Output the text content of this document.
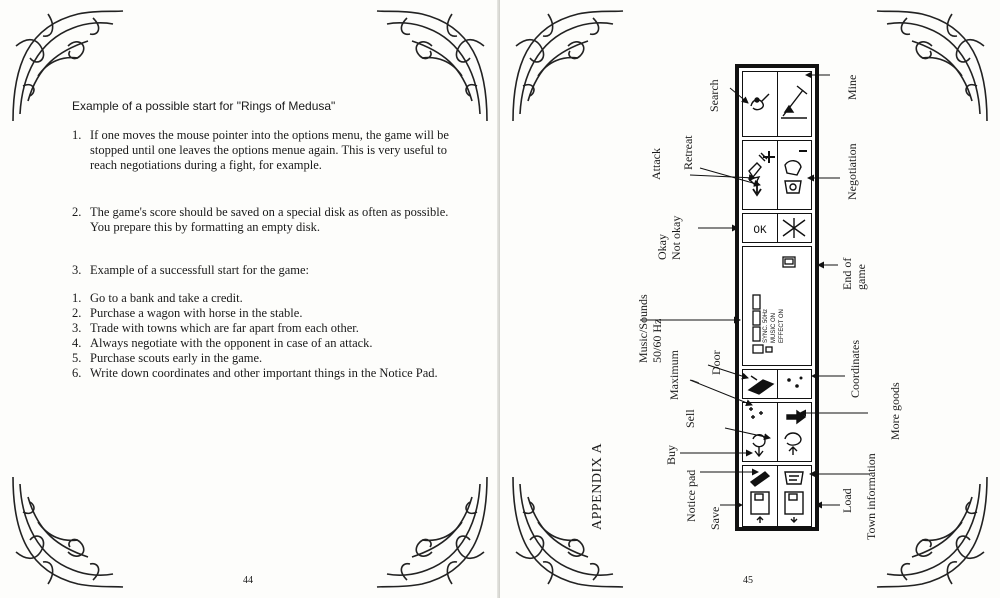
Example of a possible start for "Rings of Medusa"
1. If one moves the mouse pointer into the options menu, the game will be stopped until one leaves the options menue again. This is very useful to reach negotiations during a fight, for example.
2. The game's score should be saved on a special disk as often as possible. You prepare this by formatting an empty disk.
3. Example of a successfull start for the game:
1. Go to a bank and take a credit.
2. Purchase a wagon with horse in the stable.
3. Trade with towns which are far apart from each other.
4. Always negotiate with the opponent in case of an attack.
5. Purchase scouts early in the game.
6. Write down coordinates and other important things in the Notice Pad.
44	45
APPENDIX A
Search
Attack Retreat
Okay Not okay
Music/Sounds 50/60 Hz
Maximum /
Door
Sell
Buy
Notice pad Save
Mine
Negotiation
End of game
Coordinates
More goods
Load Town information
OK
SYNC. 50Hz MUSIC ON EFFECT ON
